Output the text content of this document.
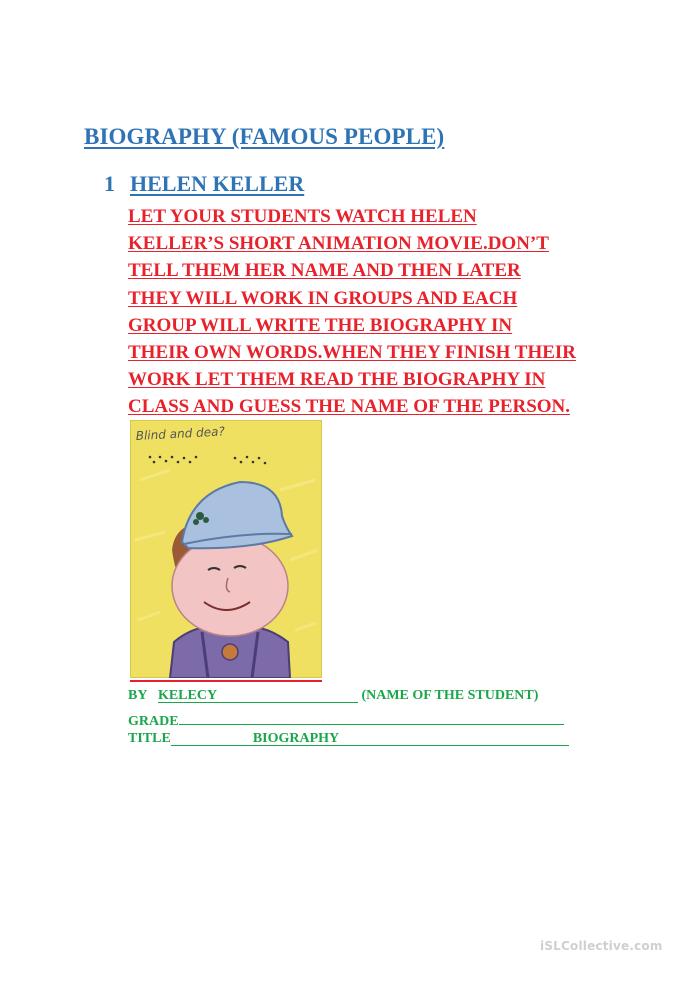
BIOGRAPHY (FAMOUS PEOPLE)
1 HELEN KELLER
LET YOUR STUDENTS WATCH HELEN
KELLER’S SHORT ANIMATION MOVIE.DON’T
TELL THEM HER NAME AND THEN LATER
THEY WILL WORK IN GROUPS AND EACH
GROUP WILL WRITE THE BIOGRAPHY IN
THEIR OWN WORDS.WHEN THEY FINISH THEIR
WORK LET THEM READ THE BIOGRAPHY IN
CLASS AND GUESS THE NAME OF THE PERSON.
Blind and dea?
BY KELECY	(NAME OF THE STUDENT)
GRADE
TITLE	BIOGRAPHY
iSLCollective.com
